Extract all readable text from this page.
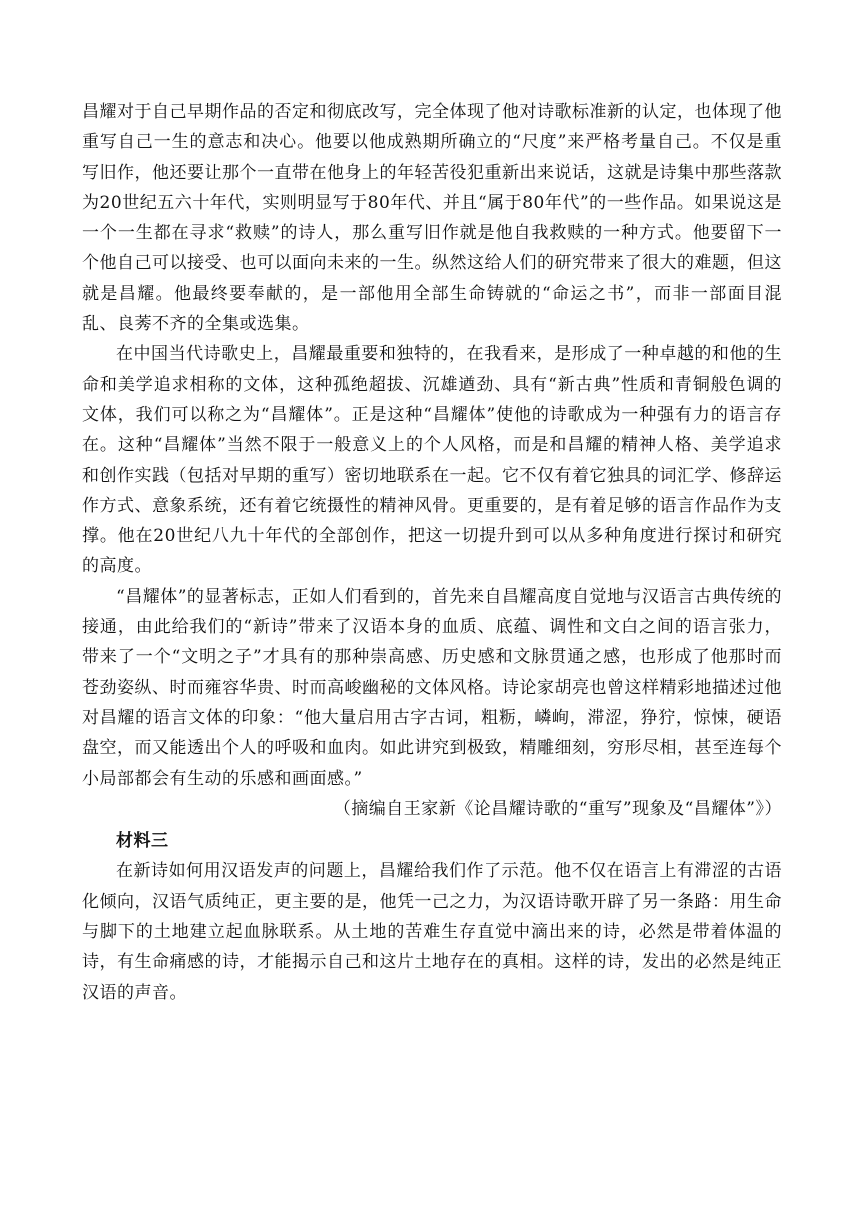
昌耀对于自己早期作品的否定和彻底改写，完全体现了他对诗歌标准新的认定，也体现了他重写自己一生的意志和决心。他要以他成熟期所确立的“尺度”来严格考量自己。不仅是重写旧作，他还要让那个一直带在他身上的年轻苦役犯重新出来说话，这就是诗集中那些落款为20世纪五六十年代，实则明显写于80年代、并且“属于80年代”的一些作品。如果说这是一个一生都在寻求“救赎”的诗人，那么重写旧作就是他自我救赎的一种方式。他要留下一个他自己可以接受、也可以面向未来的一生。纵然这给人们的研究带来了很大的难题，但这就是昌耀。他最终要奉献的，是一部他用全部生命铸就的“命运之书”，而非一部面目混乱、良莠不齐的全集或选集。

在中国当代诗歌史上，昌耀最重要和独特的，在我看来，是形成了一种卓越的和他的生命和美学追求相称的文体，这种孤绝超拔、沉雄遒劲、具有“新古典”性质和青铜般色调的文体，我们可以称之为“昌耀体”。正是这种“昌耀体”使他的诗歌成为一种强有力的语言存在。这种“昌耀体”当然不限于一般意义上的个人风格，而是和昌耀的精神人格、美学追求和创作实践（包括对早期的重写）密切地联系在一起。它不仅有着它独具的词汇学、修辞运作方式、意象系统，还有着它统摄性的精神风骨。更重要的，是有着足够的语言作品作为支撑。他在20世纪八九十年代的全部创作，把这一切提升到可以从多种角度进行探讨和研究的高度。

“昌耀体”的显著标志，正如人们看到的，首先来自昌耀高度自觉地与汉语言古典传统的接通，由此给我们的“新诗”带来了汉语本身的血质、底蕴、调性和文白之间的语言张力，带来了一个“文明之子”才具有的那种崇高感、历史感和文脉贯通之感，也形成了他那时而苍劲姿纵、时而雍容华贵、时而高峻幽秘的文体风格。诗论家胡亮也曾这样精彩地描述过他对昌耀的语言文体的印象：“他大量启用古字古词，粗粝，嶙峋，滞涩，狰狞，惊悚，硬语盘空，而又能透出个人的呼吸和血肉。如此讲究到极致，精雕细刻，穷形尽相，甚至连每个小局部都会有生动的乐感和画面感。”

（摘编自王家新《论昌耀诗歌的“重写”现象及“昌耀体”》）

材料三

在新诗如何用汉语发声的问题上，昌耀给我们作了示范。他不仅在语言上有滞涩的古语化倾向，汉语气质纯正，更主要的是，他凭一己之力，为汉语诗歌开辟了另一条路：用生命与脚下的土地建立起血脉联系。从土地的苦难生存直觉中滴出来的诗，必然是带着体温的诗，有生命痛感的诗，才能揭示自己和这片土地存在的真相。这样的诗，发出的必然是纯正汉语的声音。
